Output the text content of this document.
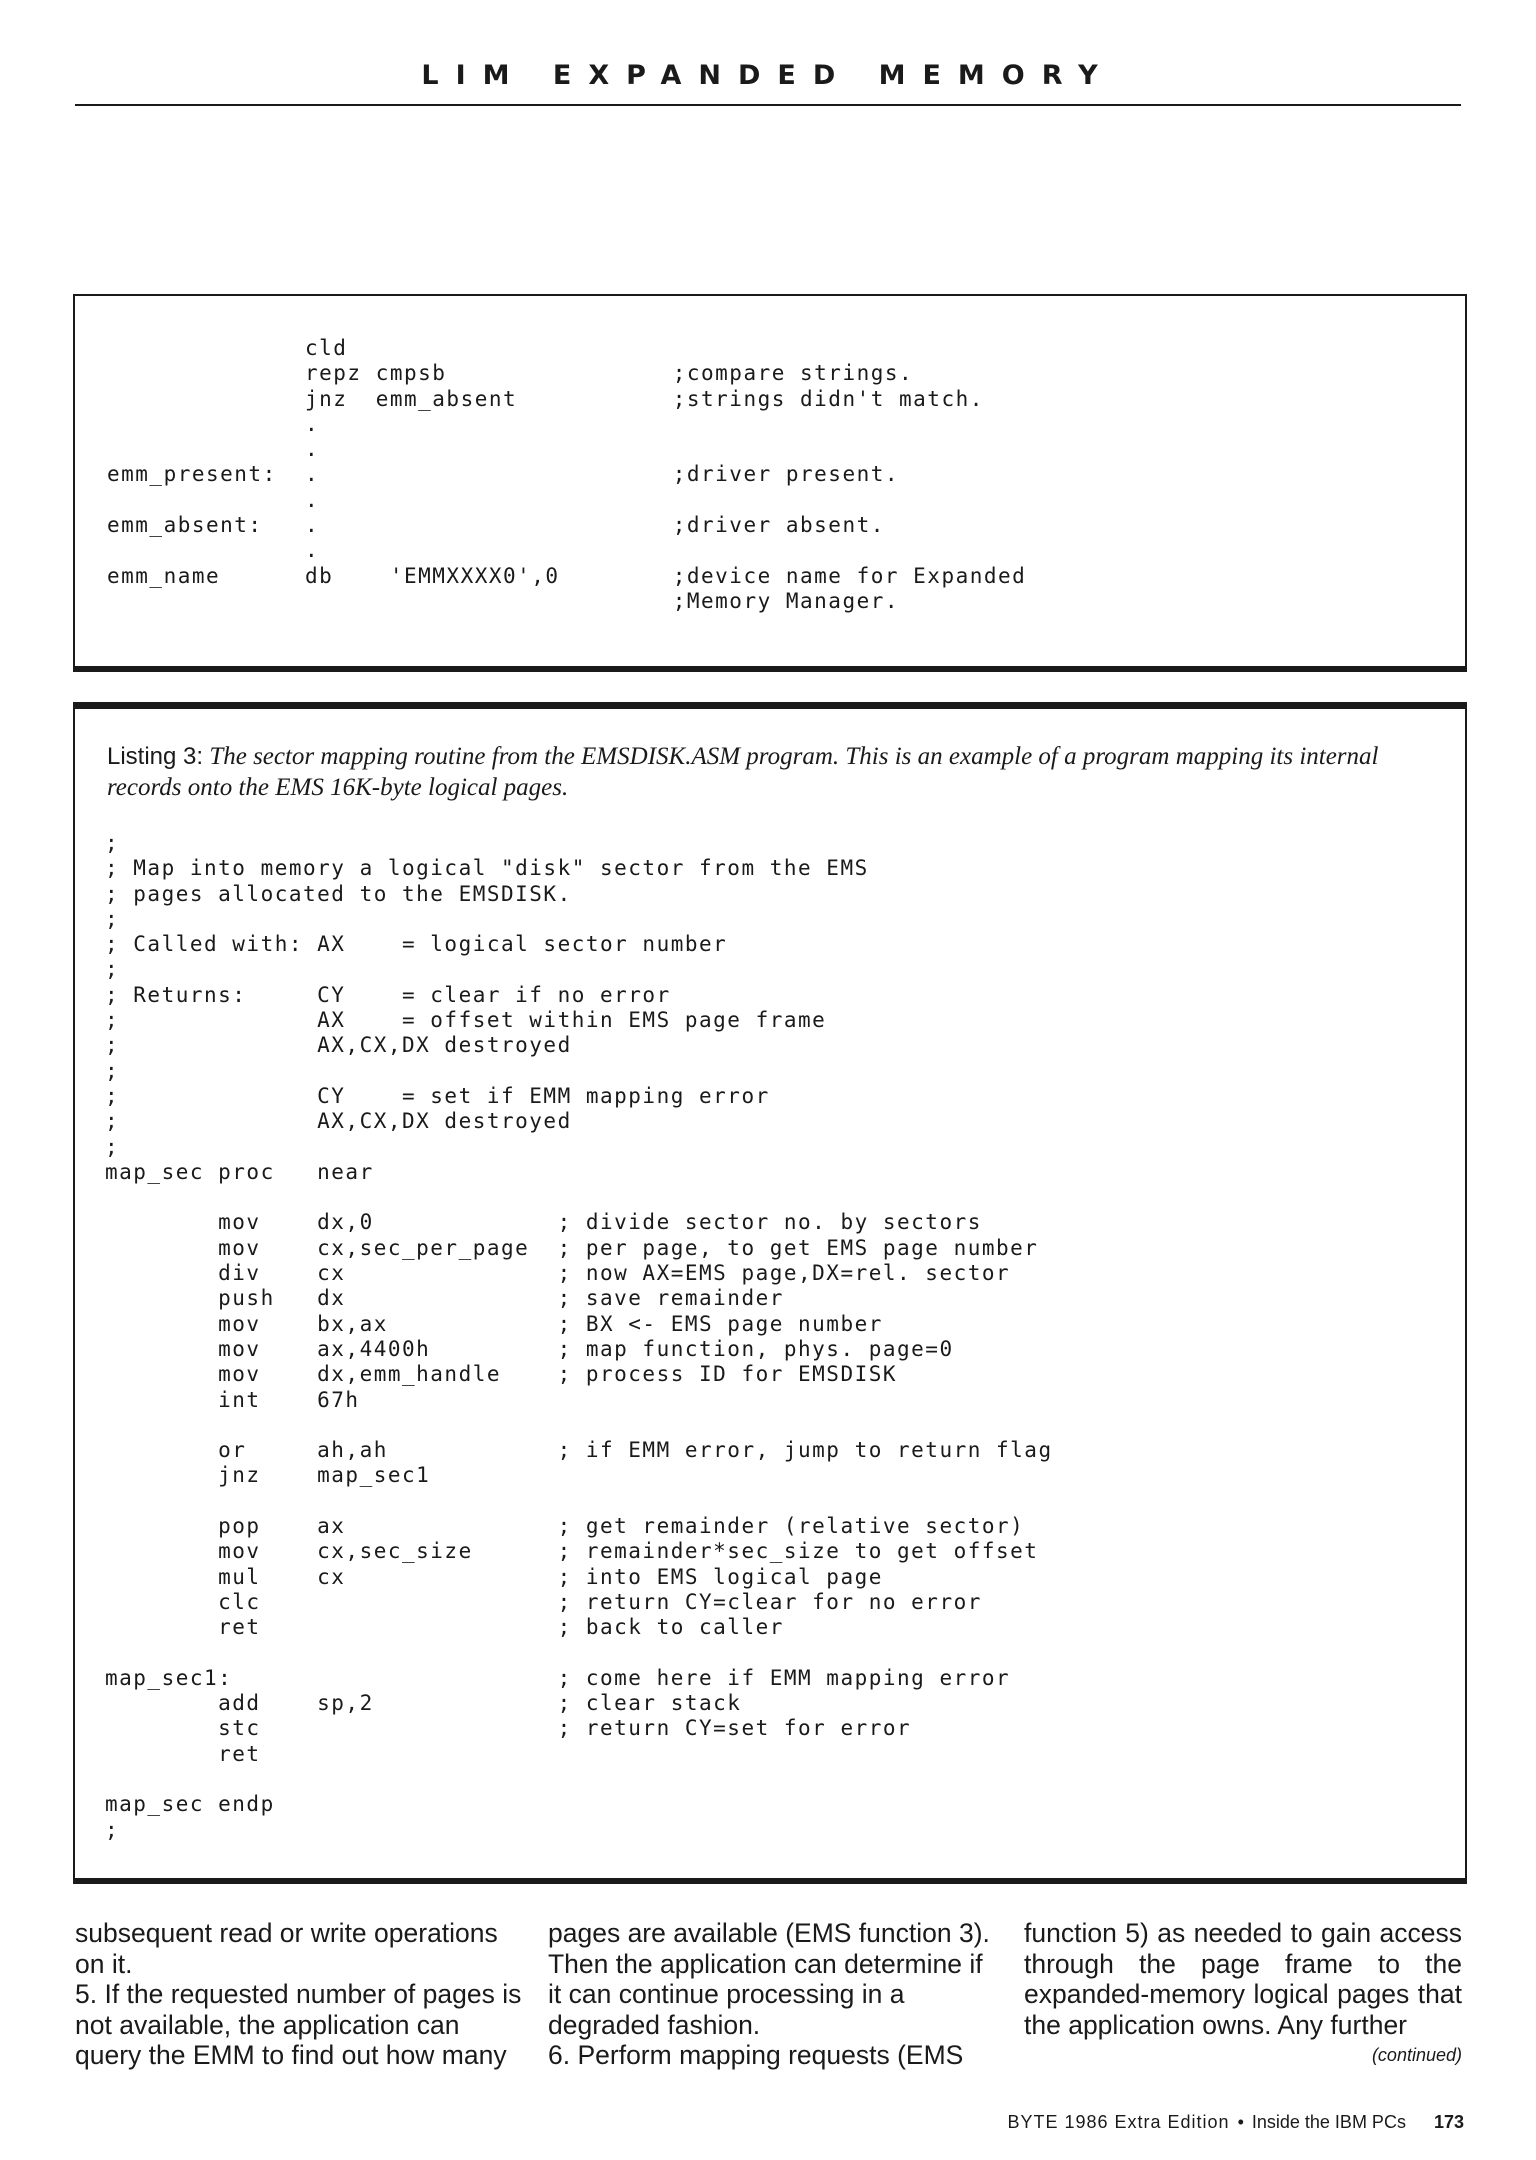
LIM EXPANDED MEMORY
cld
repz cmpsb                ;compare strings.
jnz  emm_absent           ;strings didn't match.
.
.
emm_present:  .                         ;driver present.
.
emm_absent:   .                         ;driver absent.
.
emm_name      db    'EMMXXXX0',0        ;device name for Expanded
;Memory Manager.
Listing 3: The sector mapping routine from the EMSDISK.ASM program. This is an example of a program mapping its internal records onto the EMS 16K-byte logical pages.
;
; Map into memory a logical "disk" sector from the EMS
; pages allocated to the EMSDISK.
;
; Called with: AX    = logical sector number
;
; Returns:     CY    = clear if no error
;              AX    = offset within EMS page frame
;              AX,CX,DX destroyed
;
;              CY    = set if EMM mapping error
;              AX,CX,DX destroyed
;
map_sec proc   near

mov    dx,0             ; divide sector no. by sectors
mov    cx,sec_per_page  ; per page, to get EMS page number
div    cx               ; now AX=EMS page,DX=rel. sector
push   dx               ; save remainder
mov    bx,ax            ; BX <- EMS page number
mov    ax,4400h         ; map function, phys. page=0
mov    dx,emm_handle    ; process ID for EMSDISK
int    67h

or     ah,ah            ; if EMM error, jump to return flag
jnz    map_sec1

pop    ax               ; get remainder (relative sector)
mov    cx,sec_size      ; remainder*sec_size to get offset
mul    cx               ; into EMS logical page
clc                     ; return CY=clear for no error
ret                     ; back to caller

map_sec1:                       ; come here if EMM mapping error
add    sp,2             ; clear stack
stc                     ; return CY=set for error
ret

map_sec endp
;

subsequent read or write operations on it.

5. If the requested number of pages is not available, the application can query the EMM to find out how many

pages are available (EMS function 3). Then the application can determine if it can continue processing in a degraded fashion.

6. Perform mapping requests (EMS

function 5) as needed to gain access through the page frame to the expanded-memory logical pages that the application owns. Any further

(continued)
BYTE 1986 Extra Edition • Inside the IBM PCs 173
